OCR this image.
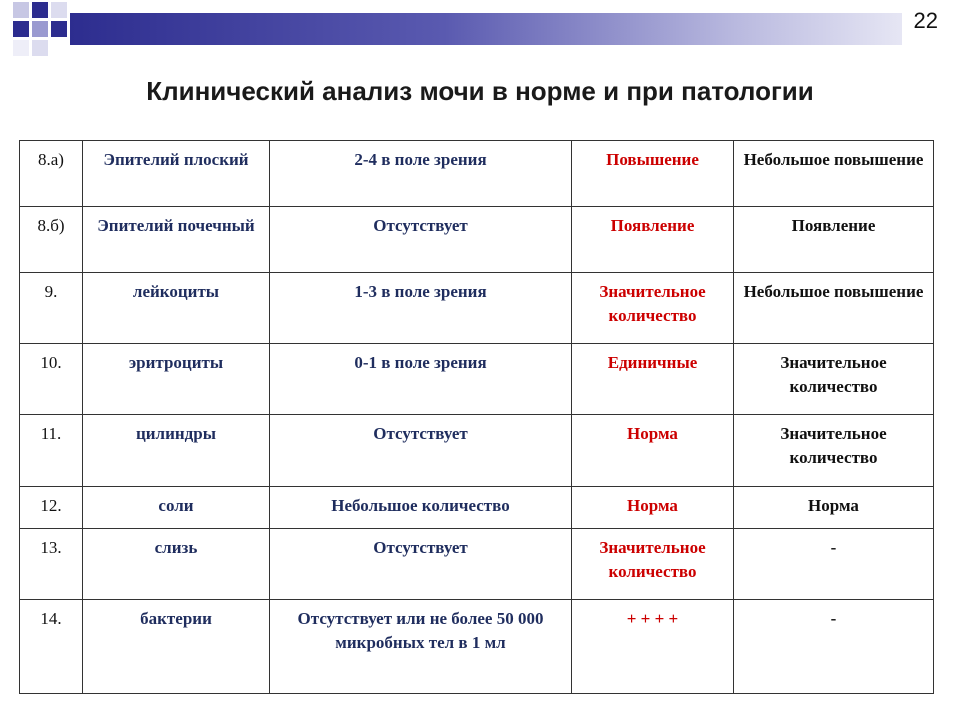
22
Клинический анализ мочи в норме и при патологии
8.а)	Эпителий плоский	2-4 в поле зрения	Повышение	Небольшое повышение
8.б)	Эпителий почечный	Отсутствует	Появление	Появление
9.	лейкоциты	1-3 в поле зрения	Значительное количество	Небольшое повышение
10.	эритроциты	0-1 в поле зрения	Единичные	Значительное количество
11.	цилиндры	Отсутствует	Норма	Значительное количество
12.	соли	Небольшое количество	Норма	Норма
13.	слизь	Отсутствует	Значительное количество	-
14.	бактерии	Отсутствует или не более 50 000 микробных тел в 1 мл	+ + + +	-
